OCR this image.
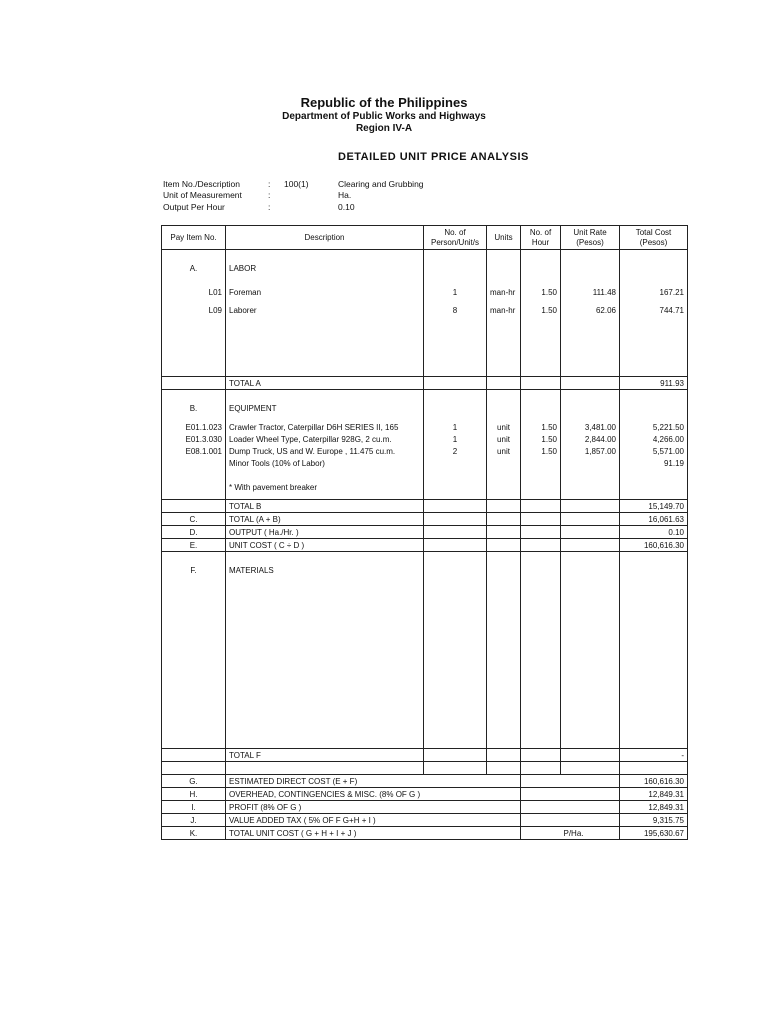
Republic of the Philippines
Department of Public Works and Highways
Region IV-A
DETAILED UNIT PRICE ANALYSIS
Item No./Description	: 100(1)	Clearing and Grubbing
Unit of Measurement	:	Ha.
Output Per Hour	:	0.10
Pay Item No.	Description	No. of Person/Unit/s	Units	No. of Hour	Unit Rate (Pesos)	Total Cost (Pesos)

A.	LABOR					

L01	Foreman	1	man-hr	1.50	111.48	167.21

L09	Laborer	8	man-hr	1.50	62.06	744.71

	TOTAL A					911.93

B.	EQUIPMENT					

E01.1.023	Crawler Tractor, Caterpillar D6H SERIES II, 165	1	unit	1.50	3,481.00	5,221.50
E01.3.030	Loader Wheel Type, Caterpillar 928G, 2 cu.m.	1	unit	1.50	2,844.00	4,266.00
E08.1.001	Dump Truck, US and W. Europe , 11.475 cu.m.	2	unit	1.50	1,857.00	5,571.00
	Minor Tools (10% of Labor)					91.19

	* With pavement breaker					

	TOTAL B					15,149.70
C.	TOTAL (A + B)					16,061.63
D.	OUTPUT ( Ha./Hr. )					0.10
E.	UNIT COST ( C ÷ D )					160,616.30

F.	MATERIALS					

	TOTAL F					-

G.	ESTIMATED DIRECT COST (E + F)					160,616.30
H.	OVERHEAD, CONTINGENCIES & MISC. (8% OF G )					12,849.31
I.	PROFIT (8% OF G )					12,849.31
J.	VALUE ADDED TAX ( 5% OF F G+H + I )					9,315.75
K.	TOTAL UNIT COST ( G + H + I + J )				P/Ha.	195,630.67
